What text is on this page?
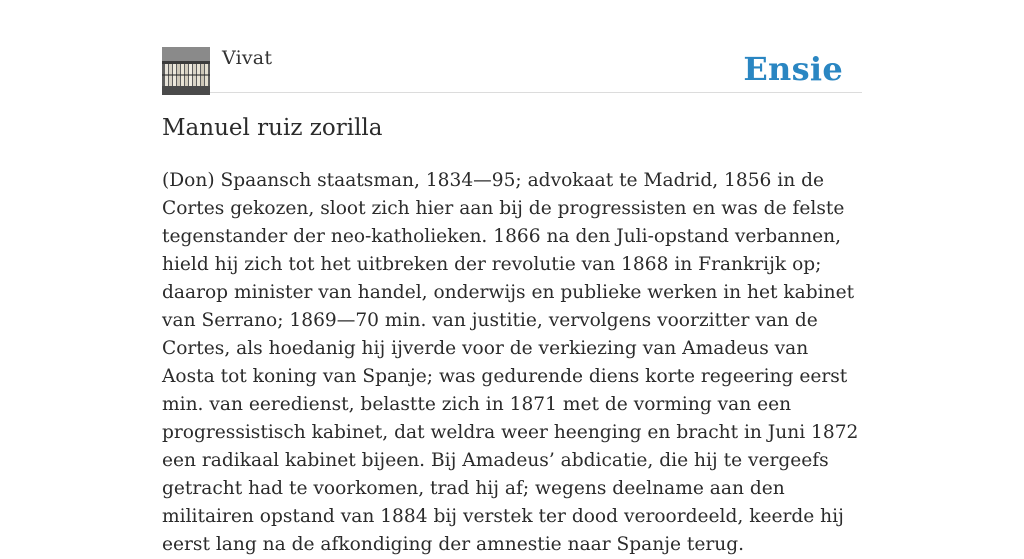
Vivat	Ensie
Manuel ruiz zorilla

(Don) Spaansch staatsman, 1834—95; advokaat te Madrid, 1856 in de Cortes gekozen, sloot zich hier aan bij de progressisten en was de felste tegenstander der neo-katholieken. 1866 na den Juli-opstand verbannen, hield hij zich tot het uitbreken der revolutie van 1868 in Frankrijk op; daarop minister van handel, onderwijs en publieke werken in het kabinet van Serrano; 1869—70 min. van justitie, vervolgens voorzitter van de Cortes, als hoedanig hij ijverde voor de verkiezing van Amadeus van Aosta tot koning van Spanje; was gedurende diens korte regeering eerst min. van eeredienst, belastte zich in 1871 met de vorming van een progressistisch kabinet, dat weldra weer heenging en bracht in Juni 1872 een radikaal kabinet bijeen. Bij Amadeus’ abdicatie, die hij te vergeefs getracht had te voorkomen, trad hij af; wegens deelname aan den militairen opstand van 1884 bij verstek ter dood veroordeeld, keerde hij eerst lang na de afkondiging der amnestie naar Spanje terug.
